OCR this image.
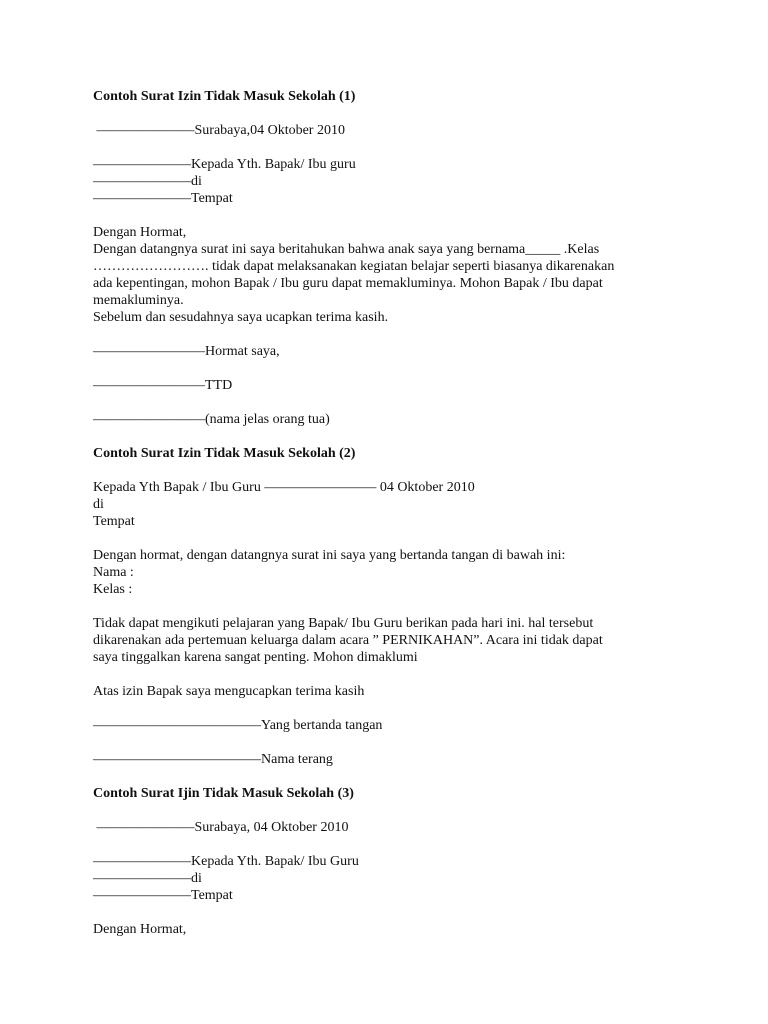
Contoh Surat Izin Tidak Masuk Sekolah (1)
———————Surabaya,04 Oktober 2010
———————Kepada Yth. Bapak/ Ibu guru
———————di
———————Tempat
Dengan Hormat,
Dengan datangnya surat ini saya beritahukan bahwa anak saya yang bernama_____ .Kelas
……………………. tidak dapat melaksanakan kegiatan belajar seperti biasanya dikarenakan
ada kepentingan, mohon Bapak / Ibu guru dapat memakluminya. Mohon Bapak / Ibu dapat
memakluminya.
Sebelum dan sesudahnya saya ucapkan terima kasih.
————————Hormat saya,
————————TTD
————————(nama jelas orang tua)
Contoh Surat Izin Tidak Masuk Sekolah (2)
Kepada Yth Bapak / Ibu Guru ———————— 04 Oktober 2010
di
Tempat
Dengan hormat, dengan datangnya surat ini saya yang bertanda tangan di bawah ini:
Nama :
Kelas :
Tidak dapat mengikuti pelajaran yang Bapak/ Ibu Guru berikan pada hari ini. hal tersebut
dikarenakan ada pertemuan keluarga dalam acara ” PERNIKAHAN”. Acara ini tidak dapat
saya tinggalkan karena sangat penting. Mohon dimaklumi
Atas izin Bapak saya mengucapkan terima kasih
————————————Yang bertanda tangan
————————————Nama terang
Contoh Surat Ijin Tidak Masuk Sekolah (3)
———————Surabaya, 04 Oktober 2010
———————Kepada Yth. Bapak/ Ibu Guru
———————di
———————Tempat
Dengan Hormat,
